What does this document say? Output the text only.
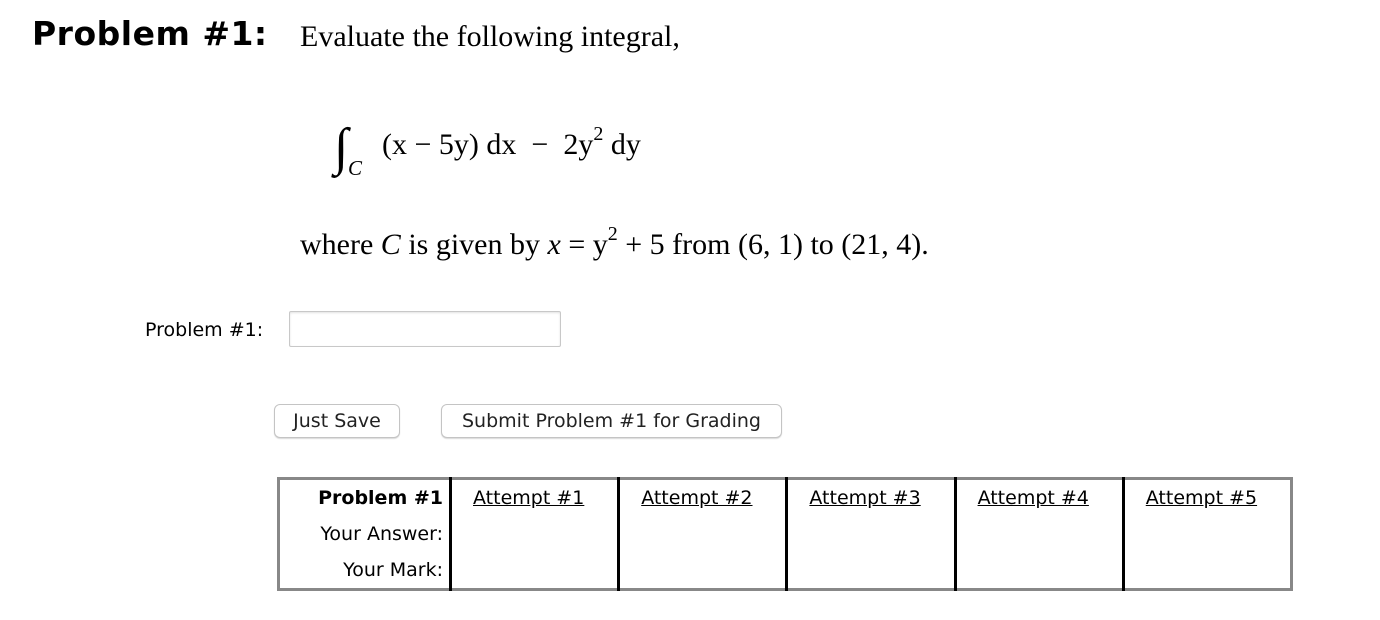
Problem #1: Evaluate the following integral,
∫ C
(x − 5y) dx − $2y^2$ dy
where C is given by $x = y^2 + 5$ from (6, 1) to (21, 4).
Problem #1:
Just Save	Submit Problem #1 for Grading
Problem #1	Attempt #1	Attempt #2	Attempt #3	Attempt #4	Attempt #5
Your Answer:					
Your Mark:					
